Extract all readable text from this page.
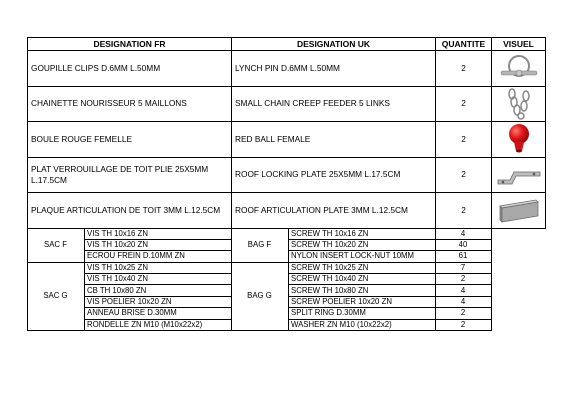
DESIGNATION FR		DESIGNATION UK		QUANTITE	VISUEL
GOUPILLE CLIPS D.6MM L.50MM		LYNCH PIN D.6MM L.50MM		2	

CHAINETTE NOURISSEUR 5 MAILLONS		SMALL CHAIN CREEP FEEDER 5 LINKS		2	

BOULE ROUGE FEMELLE		RED BALL FEMALE		2	

PLAT VERROUILLAGE DE TOIT PLIE 25X5MM L.17.5CM		ROOF LOCKING PLATE 25X5MM L.17.5CM		2	

PLAQUE ARTICULATION DE TOIT 3MM L.12.5CM		ROOF ARTICULATION PLATE 3MM L.12.5CM		2	

SAC F	VIS TH 10x16 ZN	BAG F	SCREW TH 10x16 ZN	4	
	VIS TH 10x20 ZN		SCREW TH 10x20 ZN	40	
	ECROU FREIN D.10MM ZN		NYLON INSERT LOCK-NUT 10MM	61	
SAC G	VIS TH 10x25 ZN	BAG G	SCREW TH 10x25 ZN	7	
	VIS TH 10x40 ZN		SCREW TH 10x40 ZN	2	
	CB TH 10x80 ZN		SCREW TH 10x80 ZN	4	
	VIS POELIER 10x20 ZN		SCREW POELIER 10x20 ZN	4	
	ANNEAU BRISE D.30MM		SPLIT RING D.30MM	2	
	RONDELLE ZN M10 (M10x22x2)		WASHER ZN M10 (10x22x2)	2	
